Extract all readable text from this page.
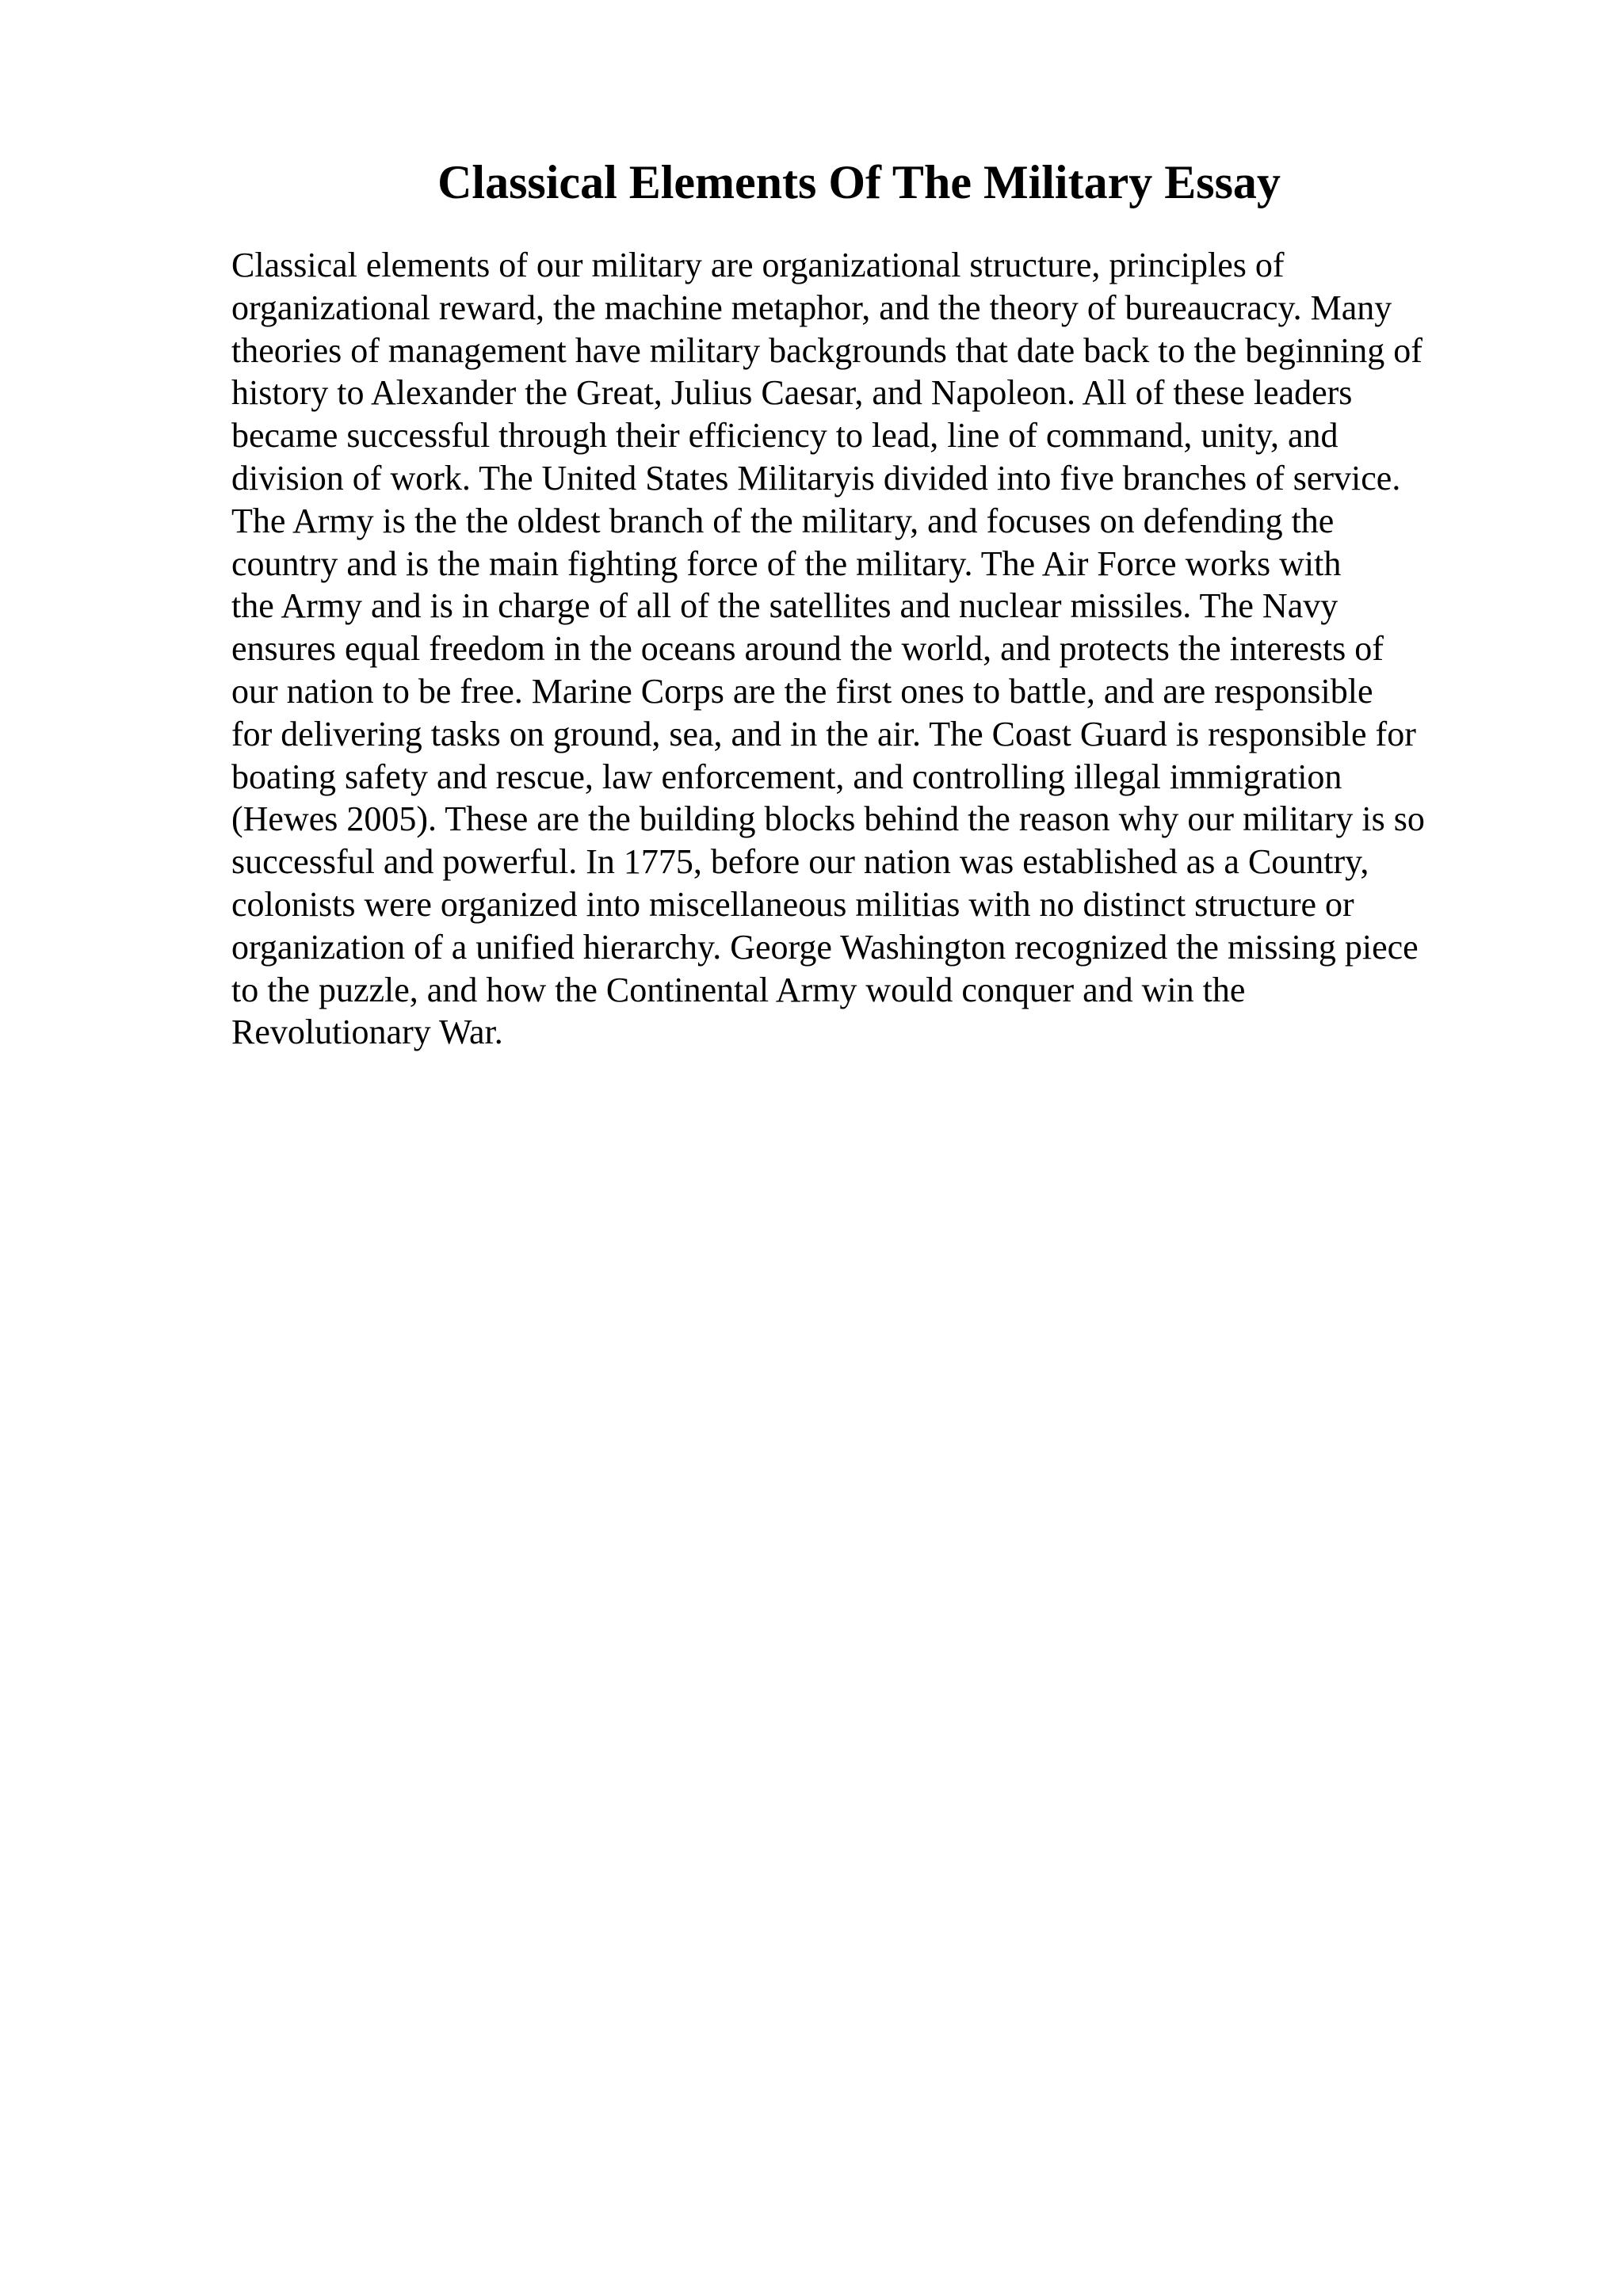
Classical Elements Of The Military Essay

Classical elements of our military are organizational structure, principles of
organizational reward, the machine metaphor, and the theory of bureaucracy. Many
theories of management have military backgrounds that date back to the beginning of
history to Alexander the Great, Julius Caesar, and Napoleon. All of these leaders
became successful through their efficiency to lead, line of command, unity, and
division of work. The United States Militaryis divided into five branches of service.
The Army is the the oldest branch of the military, and focuses on defending the
country and is the main fighting force of the military. The Air Force works with
the Army and is in charge of all of the satellites and nuclear missiles. The Navy
ensures equal freedom in the oceans around the world, and protects the interests of
our nation to be free. Marine Corps are the first ones to battle, and are responsible
for delivering tasks on ground, sea, and in the air. The Coast Guard is responsible for
boating safety and rescue, law enforcement, and controlling illegal immigration
(Hewes 2005). These are the building blocks behind the reason why our military is so
successful and powerful. In 1775, before our nation was established as a Country,
colonists were organized into miscellaneous militias with no distinct structure or
organization of a unified hierarchy. George Washington recognized the missing piece
to the puzzle, and how the Continental Army would conquer and win the
Revolutionary War.
